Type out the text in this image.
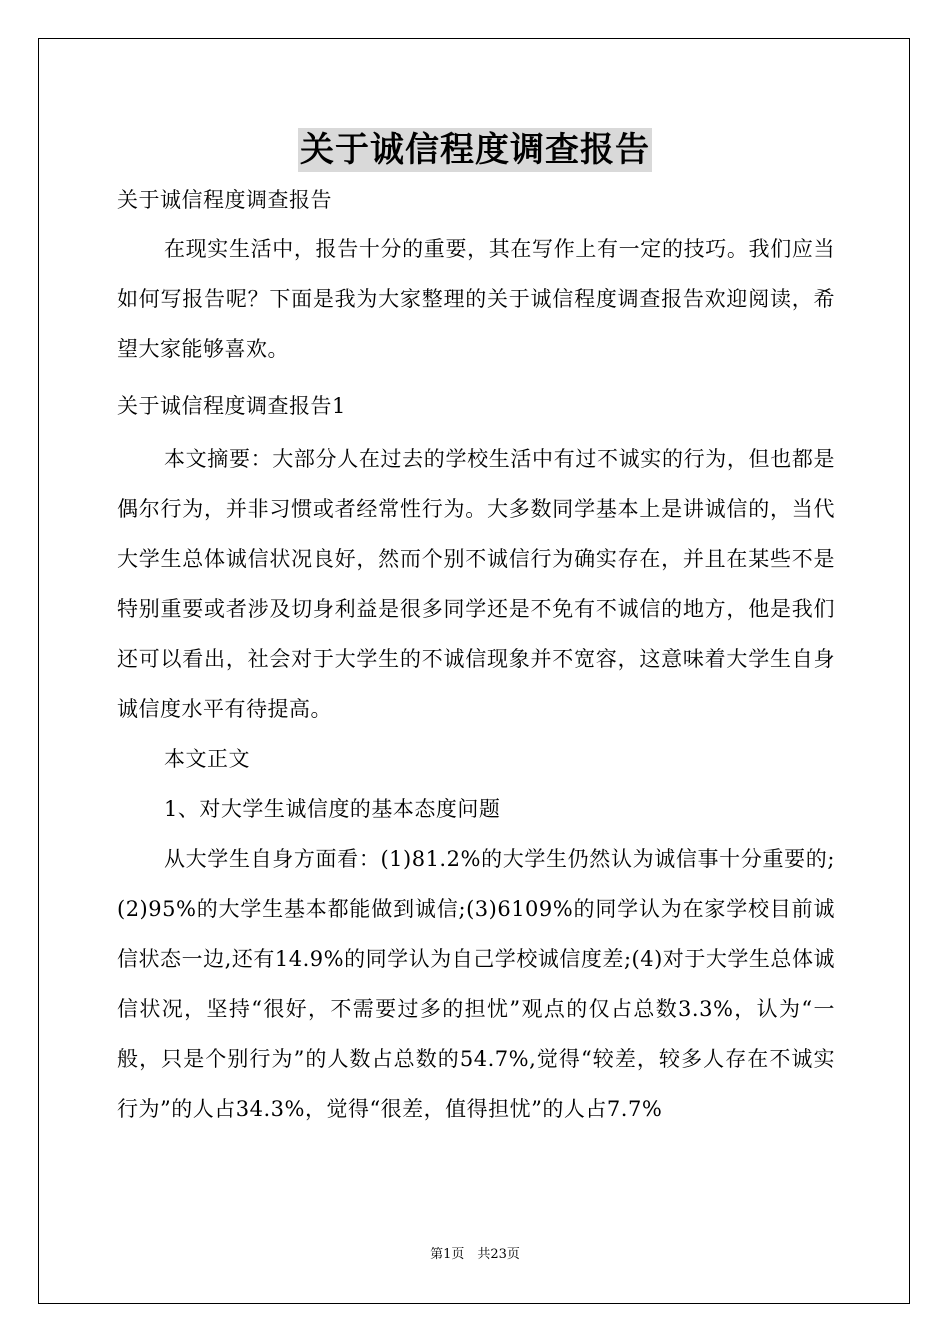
关于诚信程度调查报告
关于诚信程度调查报告

在现实生活中，报告十分的重要，其在写作上有一定的技巧。我们应当如何写报告呢？下面是我为大家整理的关于诚信程度调查报告欢迎阅读，希望大家能够喜欢。

关于诚信程度调查报告1

本文摘要：大部分人在过去的学校生活中有过不诚实的行为，但也都是偶尔行为，并非习惯或者经常性行为。大多数同学基本上是讲诚信的，当代大学生总体诚信状况良好，然而个别不诚信行为确实存在，并且在某些不是特别重要或者涉及切身利益是很多同学还是不免有不诚信的地方，他是我们还可以看出，社会对于大学生的不诚信现象并不宽容，这意味着大学生自身诚信度水平有待提高。

本文正文

1、对大学生诚信度的基本态度问题

从大学生自身方面看：(1)81.2%的大学生仍然认为诚信事十分重要的;(2)95%的大学生基本都能做到诚信;(3)6109%的同学认为在家学校目前诚信状态一边,还有14.9%的同学认为自己学校诚信度差;(4)对于大学生总体诚信状况，坚持“很好，不需要过多的担忧”观点的仅占总数3.3%，认为“一般，只是个别行为”的人数占总数的54.7%,觉得“较差，较多人存在不诚实行为”的人占34.3%，觉得“很差，值得担忧”的人占7.7%

第1页　共23页
